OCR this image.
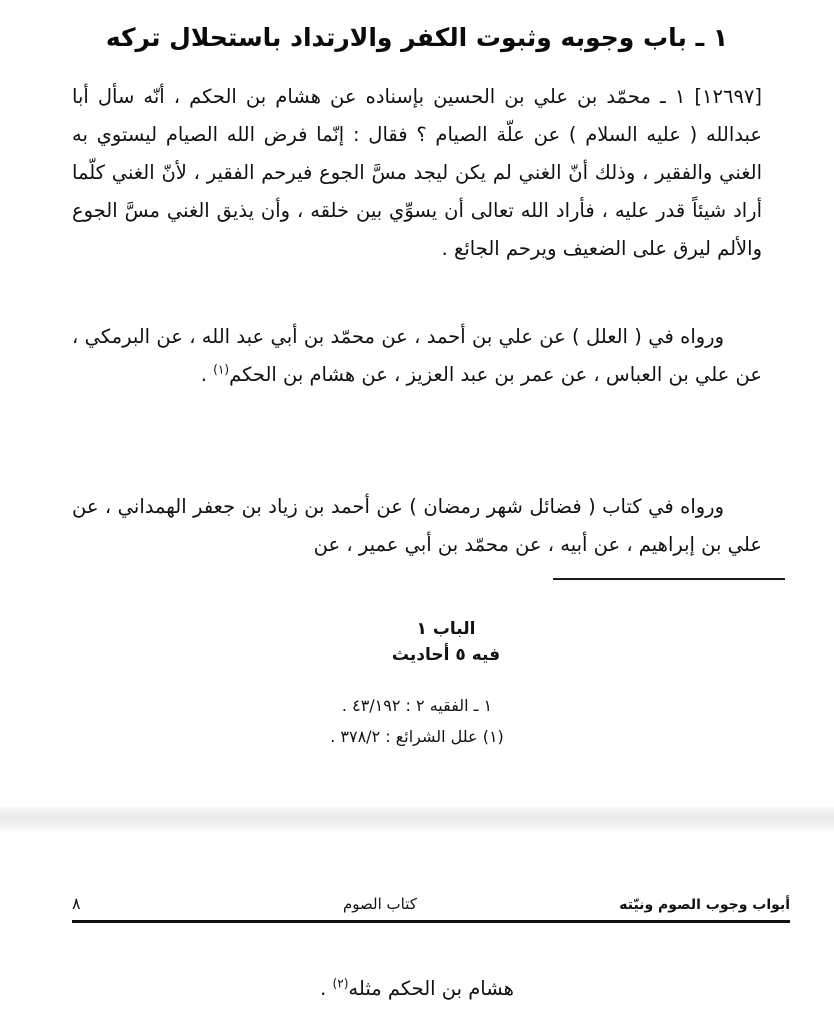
١ ـ باب وجوبه وثبوت الكفر والارتداد باستحلال تركه
[١٢٦٩٧] ١ ـ محمّد بن علي بن الحسين بإسناده عن هشام بن الحكم ، أنّه سأل أبا عبدالله ( عليه السلام ) عن علّة الصيام ؟ فقال : إنّما فرض الله الصيام ليستوي به الغني والفقير ، وذلك أنّ الغني لم يكن ليجد مسَّ الجوع فيرحم الفقير ، لأنّ الغني كلّما أراد شيئاً قدر عليه ، فأراد الله تعالى أن يسوِّي بين خلقه ، وأن يذيق الغني مسَّ الجوع والألم ليرق على الضعيف ويرحم الجائع .
ورواه في ( العلل ) عن علي بن أحمد ، عن محمّد بن أبي عبد الله ، عن البرمكي ، عن علي بن العباس ، عن عمر بن عبد العزيز ، عن هشام بن الحكم$^{(١)}$ .
ورواه في كتاب ( فضائل شهر رمضان ) عن أحمد بن زياد بن جعفر الهمداني ، عن علي بن إبراهيم ، عن أبيه ، عن محمّد بن أبي عمير ، عن
الباب ١
فيه ٥ أحاديث
١ ـ الفقيه ٢ : ٤٣/١٩٢ .
(١) علل الشرائع : ٣٧٨/٢ .
٨	كتاب الصوم	أبواب وجوب الصوم ونيّته
هشام بن الحكم مثله$^{(٢)}$ .
